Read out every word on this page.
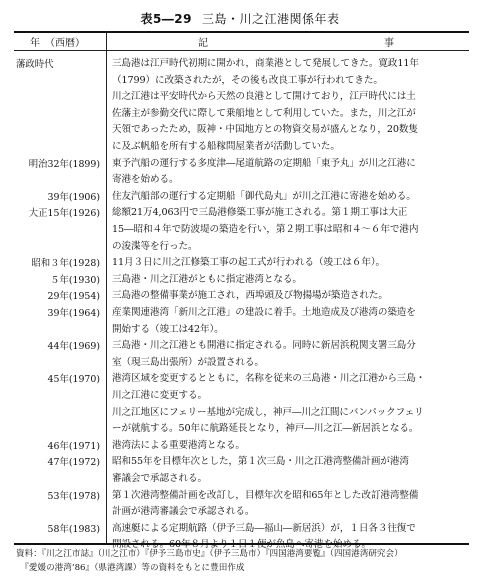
表5―29 三島・川之江港関係年表
年　（西暦）	記	事
藩政時代	三島港は江戸時代初期に開かれ，商業港として発展してきた。寛政11年
（1799）に改築されたが，その後も改良工事が行われてきた。
川之江港は平安時代から天然の良港として開けており，江戸時代には土
佐藩主が参勤交代に際して乗船地として利用していた。また，川之江が
天領であったため，阪神・中国地方との物資交易が盛んとなり，20数隻
に及ぶ帆船を所有する船稼問屋業者が活動していた。
明治32年(1899) 東予汽船の運行する多度津―尾道航路の定期船「東予丸」が川之江港に
寄港を始める。
39年(1906) 住友汽船部の運行する定期船「御代島丸」が川之江港に寄港を始める。
大正15年(1926) 総額21万4,063円で三島港修築工事が施工される。第１期工事は大正
15―昭和４年で防波堤の築造を行い，第２期工事は昭和４～６年で港内
の浚渫等を行った。
昭和３年(1928) 11月３日に川之江修築工事の起工式が行われる（竣工は６年）。
５年(1930) 三島港・川之江港がともに指定港湾となる。
29年(1954) 三島港の整備事業が施工され，西埠頭及び物揚場が築造された。
39年(1964) 産業関連港湾「新川之江港」の建設に着手。土地造成及び港湾の築造を
開始する（竣工は42年）。
44年(1969) 三島港・川之江港とも開港に指定される。同時に新居浜税関支署三島分
室（現三島出張所）が設置される。
45年(1970) 港湾区域を変更するとともに，名称を従来の三島港・川之江港から三島・
川之江港に変更する。
川之江地区にフェリー基地が完成し，神戸―川之江間にバンパックフェリ
ーが就航する。50年に航路延長となり，神戸―川之江―新居浜となる。
46年(1971) 港湾法による重要港湾となる。
47年(1972) 昭和55年を目標年次とした，第１次三島・川之江港湾整備計画が港湾
審議会で承認される。
53年(1978) 第１次港湾整備計画を改訂し，目標年次を昭和65年とした改訂港湾整備
計画が港湾審議会で承認される。
58年(1983) 高速艇による定期航路（伊予三島―福山―新居浜）が，１日各３往復で
開設される。60年８月より１日１便が魚島へ寄港を始める。
資料：『川之江市誌』（川之江市）『伊予三島市史』（伊予三島市）『四国港湾要覧』（四国港湾研究会）
　『愛媛の港湾’86』（県港湾課）等の資料をもとに豊田作成
